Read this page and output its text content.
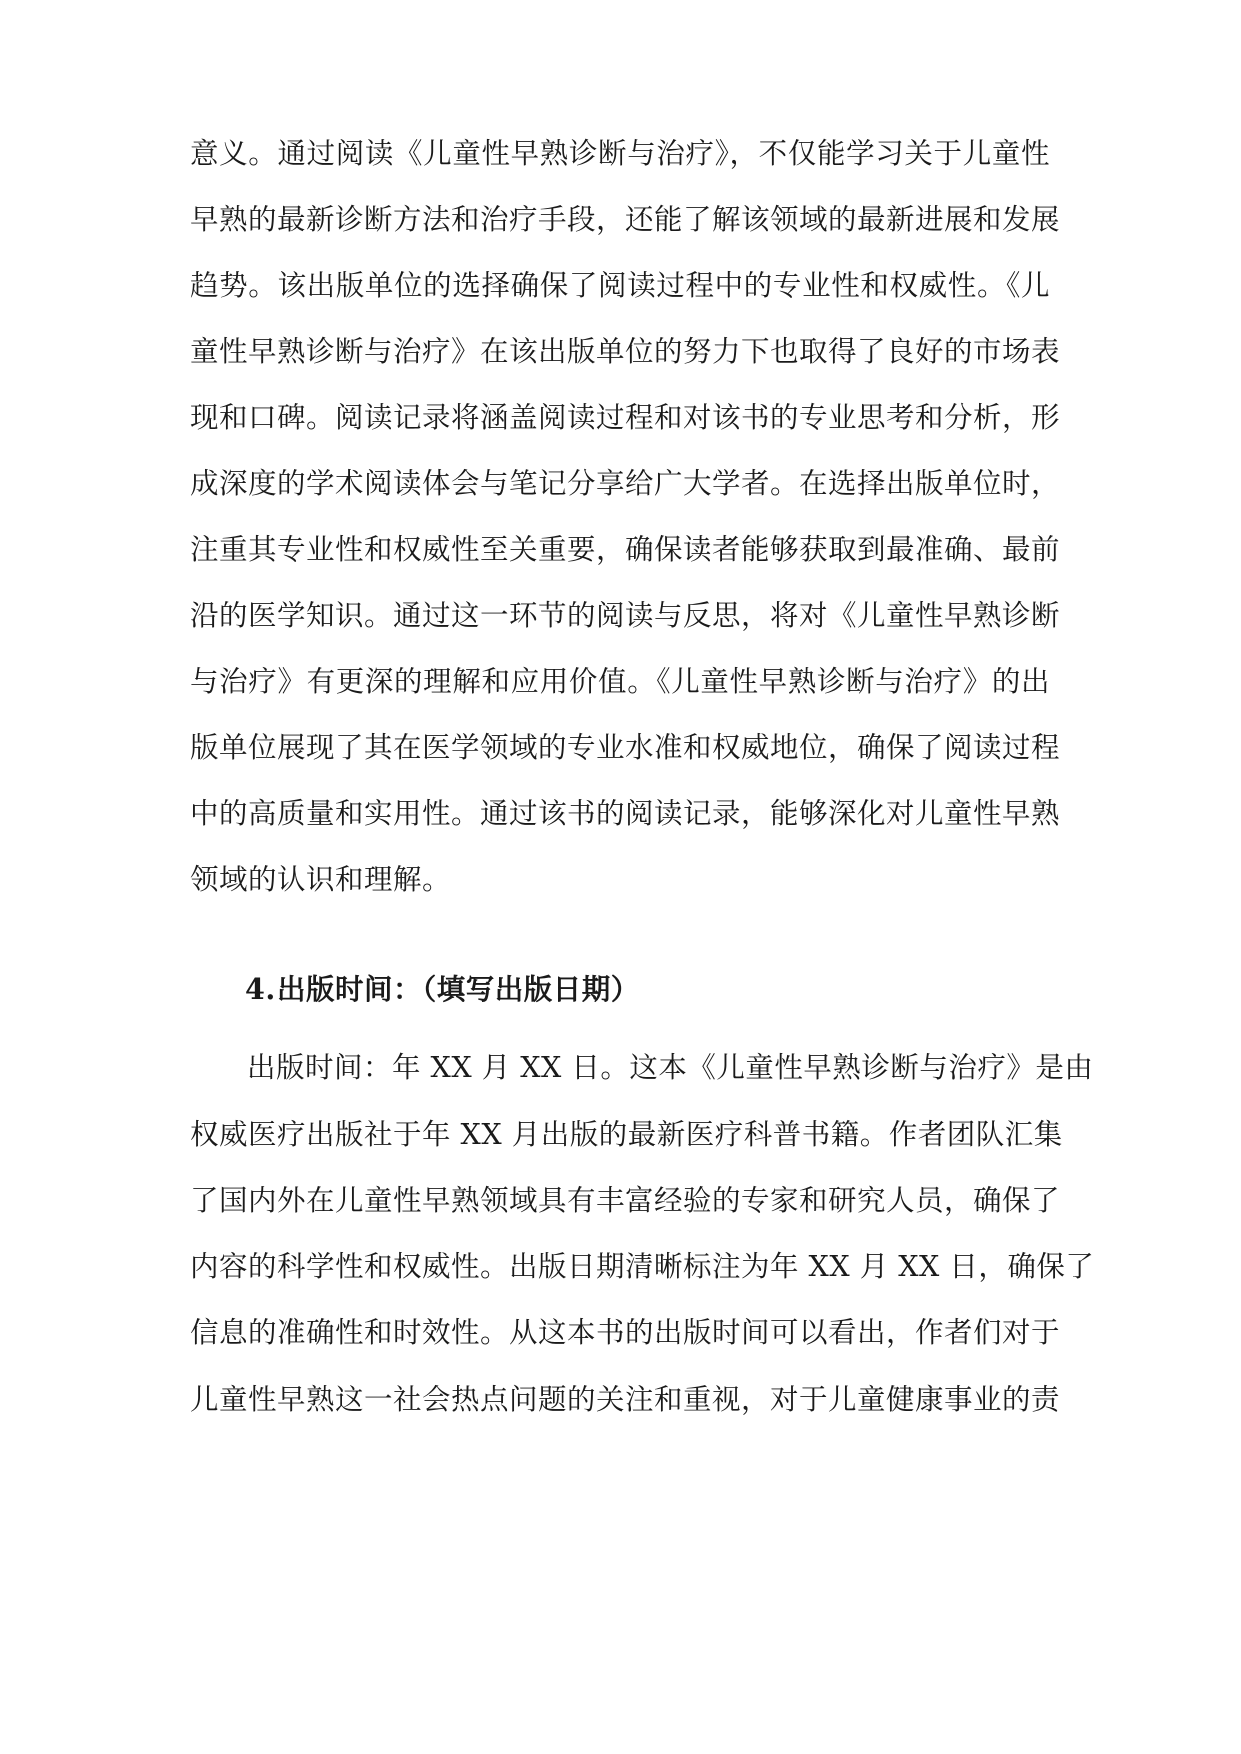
意义。通过阅读《儿童性早熟诊断与治疗》，不仅能学习关于儿童性
早熟的最新诊断方法和治疗手段，还能了解该领域的最新进展和发展
趋势。该出版单位的选择确保了阅读过程中的专业性和权威性。《儿
童性早熟诊断与治疗》在该出版单位的努力下也取得了良好的市场表
现和口碑。阅读记录将涵盖阅读过程和对该书的专业思考和分析，形
成深度的学术阅读体会与笔记分享给广大学者。在选择出版单位时，
注重其专业性和权威性至关重要，确保读者能够获取到最准确、最前
沿的医学知识。通过这一环节的阅读与反思，将对《儿童性早熟诊断
与治疗》有更深的理解和应用价值。《儿童性早熟诊断与治疗》的出
版单位展现了其在医学领域的专业水准和权威地位，确保了阅读过程
中的高质量和实用性。通过该书的阅读记录，能够深化对儿童性早熟
领域的认识和理解。
4.出版时间：（填写出版日期）
出版时间：年 XX 月 XX 日。这本《儿童性早熟诊断与治疗》是由
权威医疗出版社于年 XX 月出版的最新医疗科普书籍。作者团队汇集
了国内外在儿童性早熟领域具有丰富经验的专家和研究人员，确保了
内容的科学性和权威性。出版日期清晰标注为年 XX 月 XX 日，确保了
信息的准确性和时效性。从这本书的出版时间可以看出，作者们对于
儿童性早熟这一社会热点问题的关注和重视，对于儿童健康事业的责
